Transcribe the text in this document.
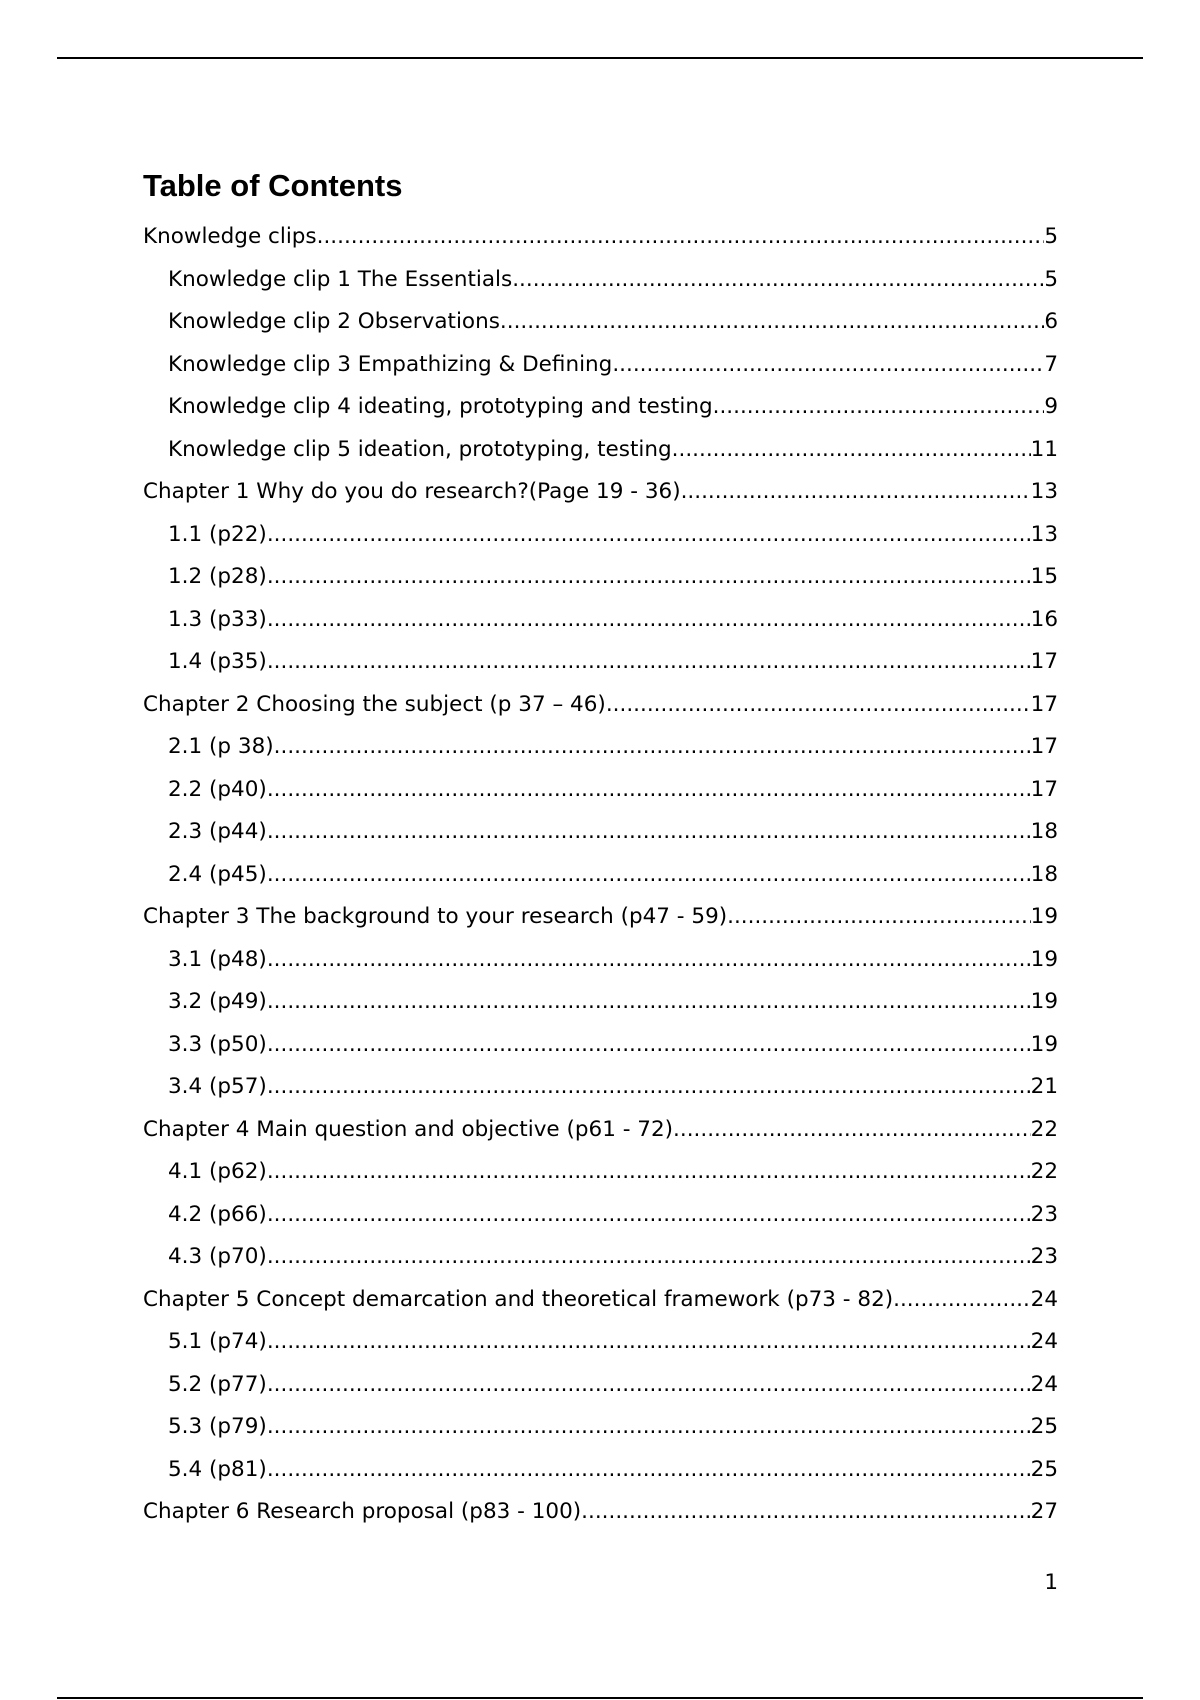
Table of Contents
Knowledge clips .....	5
Knowledge clip 1 The Essentials .....	5
Knowledge clip 2 Observations .....	6
Knowledge clip 3 Empathizing & Defining .....	7
Knowledge clip 4 ideating, prototyping and testing .....	9
Knowledge clip 5 ideation, prototyping, testing .....	11
Chapter 1 Why do you do research?(Page 19 - 36) .....	13
1.1 (p22) .....	13
1.2 (p28) .....	15
1.3 (p33) .....	16
1.4 (p35) .....	17
Chapter 2 Choosing the subject (p 37 – 46) .....	17
2.1 (p 38) .....	17
2.2 (p40) .....	17
2.3 (p44) .....	18
2.4 (p45) .....	18
Chapter 3 The background to your research (p47 - 59) .....	19
3.1 (p48) .....	19
3.2 (p49) .....	19
3.3 (p50) .....	19
3.4 (p57) .....	21
Chapter 4 Main question and objective (p61 - 72) .....	22
4.1 (p62) .....	22
4.2 (p66) .....	23
4.3 (p70) .....	23
Chapter 5 Concept demarcation and theoretical framework (p73 - 82) .....	24
5.1 (p74) .....	24
5.2 (p77) .....	24
5.3 (p79) .....	25
5.4 (p81) .....	25
Chapter 6 Research proposal (p83 - 100) .....	27
1
